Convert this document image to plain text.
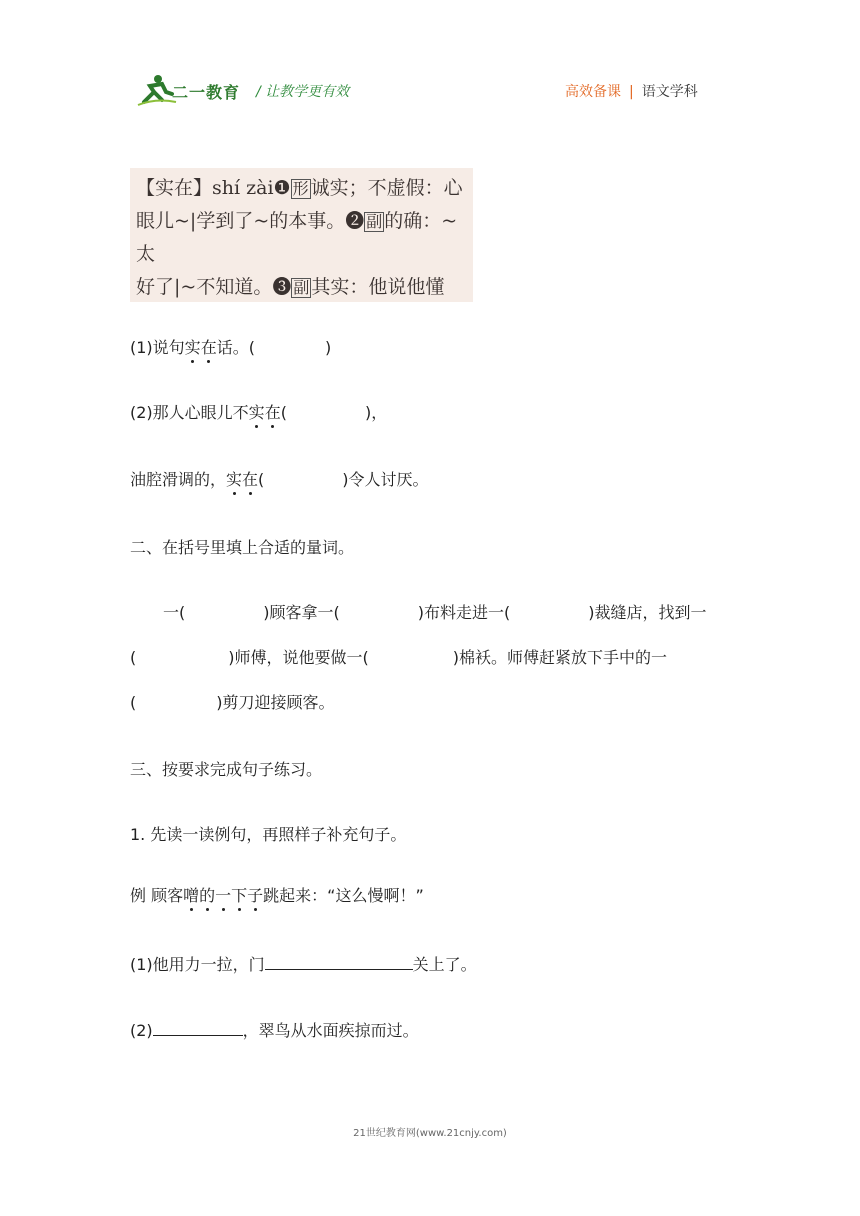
二一教育 / 让教学更有效	高效备课 | 语文学科
【实在】shí zài❶ 形 诚实；不虚假：心
眼儿~|学到了~的本事。❷ 副 的确：~太
好了|~不知道。❸ 副 其实：他说他懂
(1)说句实在话。(	)
(2)那人心眼儿不实在(	)，
油腔滑调的，实在(	)令人讨厌。
二、在括号里填上合适的量词。
一(	)顾客拿一(	)布料走进一(	)裁缝店，找到一
(	)师傅，说他要做一(	)棉袄。师傅赶紧放下手中的一
(	)剪刀迎接顾客。
三、按要求完成句子练习。
1. 先读一读例句，再照样子补充句子。
例 顾客噌的一下子跳起来：“这么慢啊！”
(1)他用力一拉，门	关上了。
(2)	，翠鸟从水面疾掠而过。
21世纪教育网(www.21cnjy.com)
